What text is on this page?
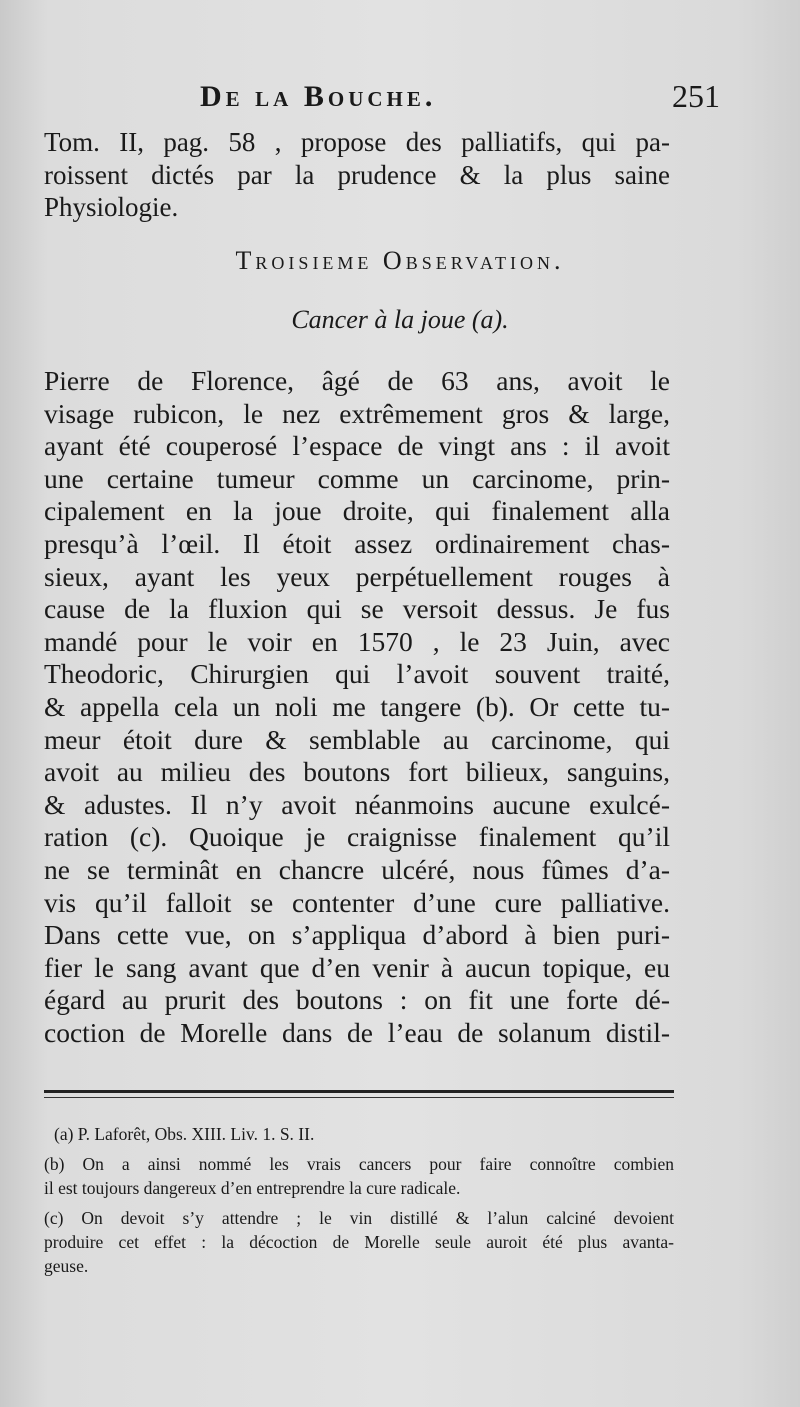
De la Bouche.	251
Tom. II, pag. 58 , propose des palliatifs, qui pa-
roissent dictés par la prudence & la plus saine
Physiologie.
Troisieme Observation.
Cancer à la joue (a).
Pierre de Florence, âgé de 63 ans, avoit le
visage rubicon, le nez extrêmement gros & large,
ayant été couperosé l’espace de vingt ans : il avoit
une certaine tumeur comme un carcinome, prin-
cipalement en la joue droite, qui finalement alla
presqu’à l’œil. Il étoit assez ordinairement chas-
sieux, ayant les yeux perpétuellement rouges à
cause de la fluxion qui se versoit dessus. Je fus
mandé pour le voir en 1570 , le 23 Juin, avec
Theodoric, Chirurgien qui l’avoit souvent traité,
& appella cela un noli me tangere (b). Or cette tu-
meur étoit dure & semblable au carcinome, qui
avoit au milieu des boutons fort bilieux, sanguins,
& adustes. Il n’y avoit néanmoins aucune exulcé-
ration (c). Quoique je craignisse finalement qu’il
ne se terminât en chancre ulcéré, nous fûmes d’a-
vis qu’il falloit se contenter d’une cure palliative.
Dans cette vue, on s’appliqua d’abord à bien puri-
fier le sang avant que d’en venir à aucun topique, eu
égard au prurit des boutons : on fit une forte dé-
coction de Morelle dans de l’eau de solanum distil-
(a) P. Laforêt, Obs. XIII. Liv. 1. S. II.
(b) On a ainsi nommé les vrais cancers pour faire connoître combien
il est toujours dangereux d’en entreprendre la cure radicale.
(c) On devoit s’y attendre ; le vin distillé & l’alun calciné devoient
produire cet effet : la décoction de Morelle seule auroit été plus avanta-
geuse.
